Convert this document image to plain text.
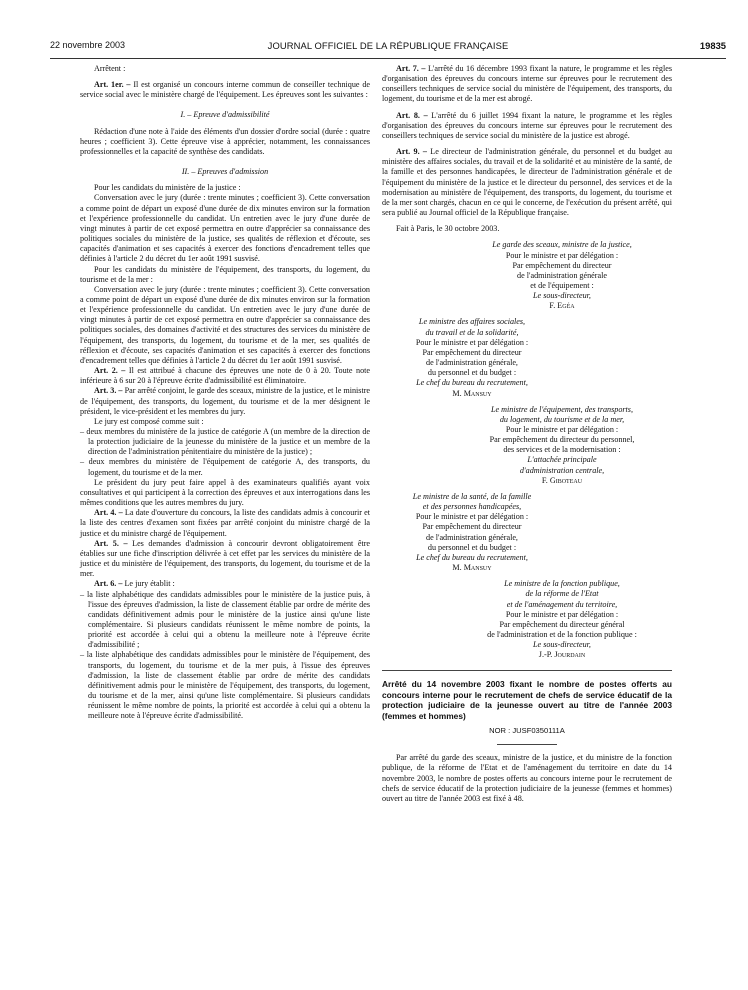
22 novembre 2003	JOURNAL OFFICIEL DE LA RÉPUBLIQUE FRANÇAISE	19835

Arrêtent :

Art. 1er. – Il est organisé un concours interne commun de conseiller technique de service social avec le ministère chargé de l'équipement. Les épreuves sont les suivantes :

I. – Epreuve d'admissibilité

Rédaction d'une note à l'aide des éléments d'un dossier d'ordre social (durée : quatre heures ; coefficient 3). Cette épreuve vise à apprécier, notamment, les connaissances professionnelles et la capacité de synthèse des candidats.

II. – Epreuves d'admission

Pour les candidats du ministère de la justice :

Conversation avec le jury (durée : trente minutes ; coefficient 3). Cette conversation a comme point de départ un exposé d'une durée de dix minutes environ sur la formation et l'expérience professionnelle du candidat. Un entretien avec le jury d'une durée de vingt minutes à partir de cet exposé permettra en outre d'apprécier sa connaissance des politiques sociales du ministère de la justice, ses qualités de réflexion et d'écoute, ses capacités d'animation et ses capacités à exercer des fonctions d'encadrement telles que définies à l'article 2 du décret du 1er août 1991 susvisé.

Pour les candidats du ministère de l'équipement, des transports, du logement, du tourisme et de la mer :

Conversation avec le jury (durée : trente minutes ; coefficient 3). Cette conversation a comme point de départ un exposé d'une durée de dix minutes environ sur la formation et l'expérience professionnelle du candidat. Un entretien avec le jury d'une durée de vingt minutes à partir de cet exposé permettra en outre d'apprécier sa connaissance des politiques sociales, des domaines d'activité et des structures des services du ministère de l'équipement, des transports, du logement, du tourisme et de la mer, ses qualités de réflexion et d'écoute, ses capacités d'animation et ses capacités à exercer des fonctions d'encadrement telles que définies à l'article 2 du décret du 1er août 1991 susvisé.

Art. 2. – Il est attribué à chacune des épreuves une note de 0 à 20. Toute note inférieure à 6 sur 20 à l'épreuve écrite d'admissibilité est éliminatoire.

Art. 3. – Par arrêté conjoint, le garde des sceaux, ministre de la justice, et le ministre de l'équipement, des transports, du logement, du tourisme et de la mer désignent le président, le vice-président et les membres du jury.

Le jury est composé comme suit :

– deux membres du ministère de la justice de catégorie A (un membre de la direction de la protection judiciaire de la jeunesse du ministère de la justice et un membre de la direction de l'administration pénitentiaire du ministère de la justice) ;

– deux membres du ministère de l'équipement de catégorie A, des transports, du logement, du tourisme et de la mer.

Le président du jury peut faire appel à des examinateurs qualifiés ayant voix consultatives et qui participent à la correction des épreuves et aux interrogations dans les mêmes conditions que les autres membres du jury.

Art. 4. – La date d'ouverture du concours, la liste des candidats admis à concourir et la liste des centres d'examen sont fixées par arrêté conjoint du ministre chargé de la justice et du ministre chargé de l'équipement.

Art. 5. – Les demandes d'admission à concourir devront obligatoirement être établies sur une fiche d'inscription délivrée à cet effet par les services du ministère de la justice et du ministère de l'équipement, des transports, du logement, du tourisme et de la mer.

Art. 6. – Le jury établit :

– la liste alphabétique des candidats admissibles pour le ministère de la justice puis, à l'issue des épreuves d'admission, la liste de classement établie par ordre de mérite des candidats définitivement admis pour le ministère de la justice ainsi qu'une liste complémentaire. Si plusieurs candidats réunissent le même nombre de points, la priorité est accordée à celui qui a obtenu la meilleure note à l'épreuve écrite d'admissibilité ;

– la liste alphabétique des candidats admissibles pour le ministère de l'équipement, des transports, du logement, du tourisme et de la mer puis, à l'issue des épreuves d'admission, la liste de classement établie par ordre de mérite des candidats définitivement admis pour le ministère de l'équipement, des transports, du logement, du tourisme et de la mer, ainsi qu'une liste complémentaire. Si plusieurs candidats réunissent le même nombre de points, la priorité est accordée à celui qui a obtenu la meilleure note à l'épreuve écrite d'admissibilité.

Art. 7. – L'arrêté du 16 décembre 1993 fixant la nature, le programme et les règles d'organisation des épreuves du concours interne sur épreuves pour le recrutement des conseillers techniques de service social du ministère de l'équipement, des transports, du logement, du tourisme et de la mer est abrogé.

Art. 8. – L'arrêté du 6 juillet 1994 fixant la nature, le programme et les règles d'organisation des épreuves du concours interne sur épreuves pour le recrutement des conseillers techniques de service social du ministère de la justice est abrogé.

Art. 9. – Le directeur de l'administration générale, du personnel et du budget au ministère des affaires sociales, du travail et de la solidarité et au ministère de la santé, de la famille et des personnes handicapées, le directeur de l'administration générale et de l'équipement du ministère de la justice et le directeur du personnel, des services et de la modernisation au ministère de l'équipement, des transports, du logement, du tourisme et de la mer sont chargés, chacun en ce qui le concerne, de l'exécution du présent arrêté, qui sera publié au Journal officiel de la République française.

Fait à Paris, le 30 octobre 2003.

Le garde des sceaux, ministre de la justice,

Pour le ministre et par délégation :

Par empêchement du directeur

de l'administration générale

et de l'équipement :

Le sous-directeur,

F. Egéa

Le ministre des affaires sociales,

du travail et de la solidarité,

Pour le ministre et par délégation :

Par empêchement du directeur

de l'administration générale,

du personnel et du budget :

Le chef du bureau du recrutement,

M. Mansuy

Le ministre de l'équipement, des transports,

du logement, du tourisme et de la mer,

Pour le ministre et par délégation :

Par empêchement du directeur du personnel,

des services et de la modernisation :

L'attachée principale

d'administration centrale,

F. Giboteau

Le ministre de la santé, de la famille

et des personnes handicapées,

Pour le ministre et par délégation :

Par empêchement du directeur

de l'administration générale,

du personnel et du budget :

Le chef du bureau du recrutement,

M. Mansuy

Le ministre de la fonction publique,

de la réforme de l'Etat

et de l'aménagement du territoire,

Pour le ministre et par délégation :

Par empêchement du directeur général

de l'administration et de la fonction publique :

Le sous-directeur,

J.-P. Jourdain

Arrêté du 14 novembre 2003 fixant le nombre de postes offerts au concours interne pour le recrutement de chefs de service éducatif de la protection judiciaire de la jeunesse ouvert au titre de l'année 2003 (femmes et hommes)
NOR : JUSF0350111A

Par arrêté du garde des sceaux, ministre de la justice, et du ministre de la fonction publique, de la réforme de l'Etat et de l'aménagement du territoire en date du 14 novembre 2003, le nombre de postes offerts au concours interne pour le recrutement de chefs de service éducatif de la protection judiciaire de la jeunesse (femmes et hommes) ouvert au titre de l'année 2003 est fixé à 48.
